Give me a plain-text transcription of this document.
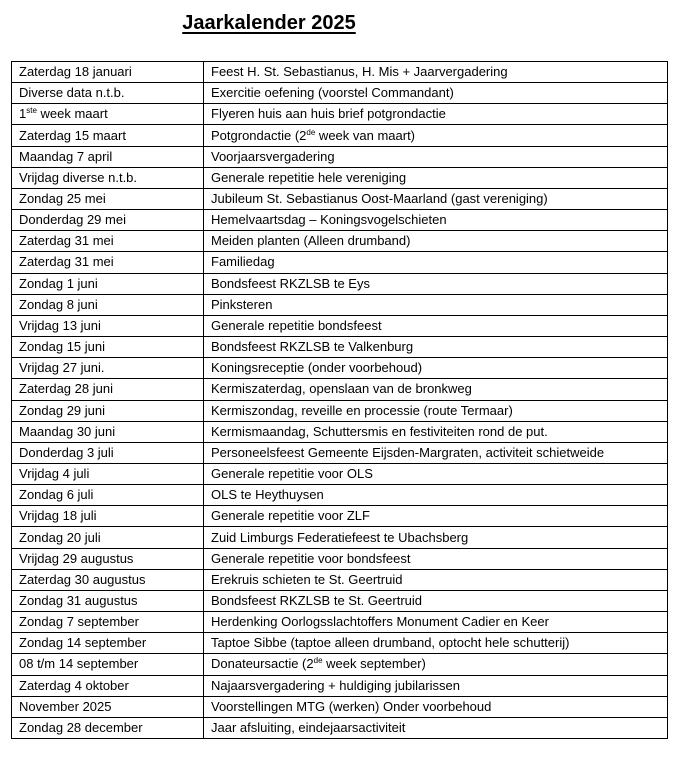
Jaarkalender 2025
Zaterdag 18 januari	Feest H. St. Sebastianus, H. Mis + Jaarvergadering
Diverse data n.t.b.	Exercitie oefening (voorstel Commandant)
1ste week maart	Flyeren huis aan huis brief potgrondactie
Zaterdag 15 maart	Potgrondactie (2de week van maart)
Maandag 7 april	Voorjaarsvergadering
Vrijdag diverse n.t.b.	Generale repetitie hele vereniging
Zondag 25 mei	Jubileum St. Sebastianus Oost-Maarland (gast vereniging)
Donderdag 29 mei	Hemelvaartsdag – Koningsvogelschieten
Zaterdag 31 mei	Meiden planten (Alleen drumband)
Zaterdag 31 mei	Familiedag
Zondag 1 juni	Bondsfeest RKZLSB te Eys
Zondag 8 juni	Pinksteren
Vrijdag 13 juni	Generale repetitie bondsfeest
Zondag 15 juni	Bondsfeest RKZLSB te Valkenburg
Vrijdag 27 juni.	Koningsreceptie (onder voorbehoud)
Zaterdag 28 juni	Kermiszaterdag, openslaan van de bronkweg
Zondag 29 juni	Kermiszondag, reveille en processie (route Termaar)
Maandag 30 juni	Kermismaandag, Schuttersmis en festiviteiten rond de put.
Donderdag 3 juli	Personeelsfeest Gemeente Eijsden-Margraten, activiteit schietweide
Vrijdag 4 juli	Generale repetitie voor OLS
Zondag 6 juli	OLS te Heythuysen
Vrijdag 18 juli	Generale repetitie voor ZLF
Zondag 20 juli	Zuid Limburgs Federatiefeest te Ubachsberg
Vrijdag 29 augustus	Generale repetitie voor bondsfeest
Zaterdag 30 augustus	Erekruis schieten te St. Geertruid
Zondag 31 augustus	Bondsfeest RKZLSB te St. Geertruid
Zondag 7 september	Herdenking Oorlogsslachtoffers Monument Cadier en Keer
Zondag 14 september	Taptoe Sibbe (taptoe alleen drumband, optocht hele schutterij)
08 t/m 14 september	Donateursactie (2de week september)
Zaterdag 4 oktober	Najaarsvergadering + huldiging jubilarissen
November 2025	Voorstellingen MTG (werken) Onder voorbehoud
Zondag 28 december	Jaar afsluiting, eindejaarsactiviteit
